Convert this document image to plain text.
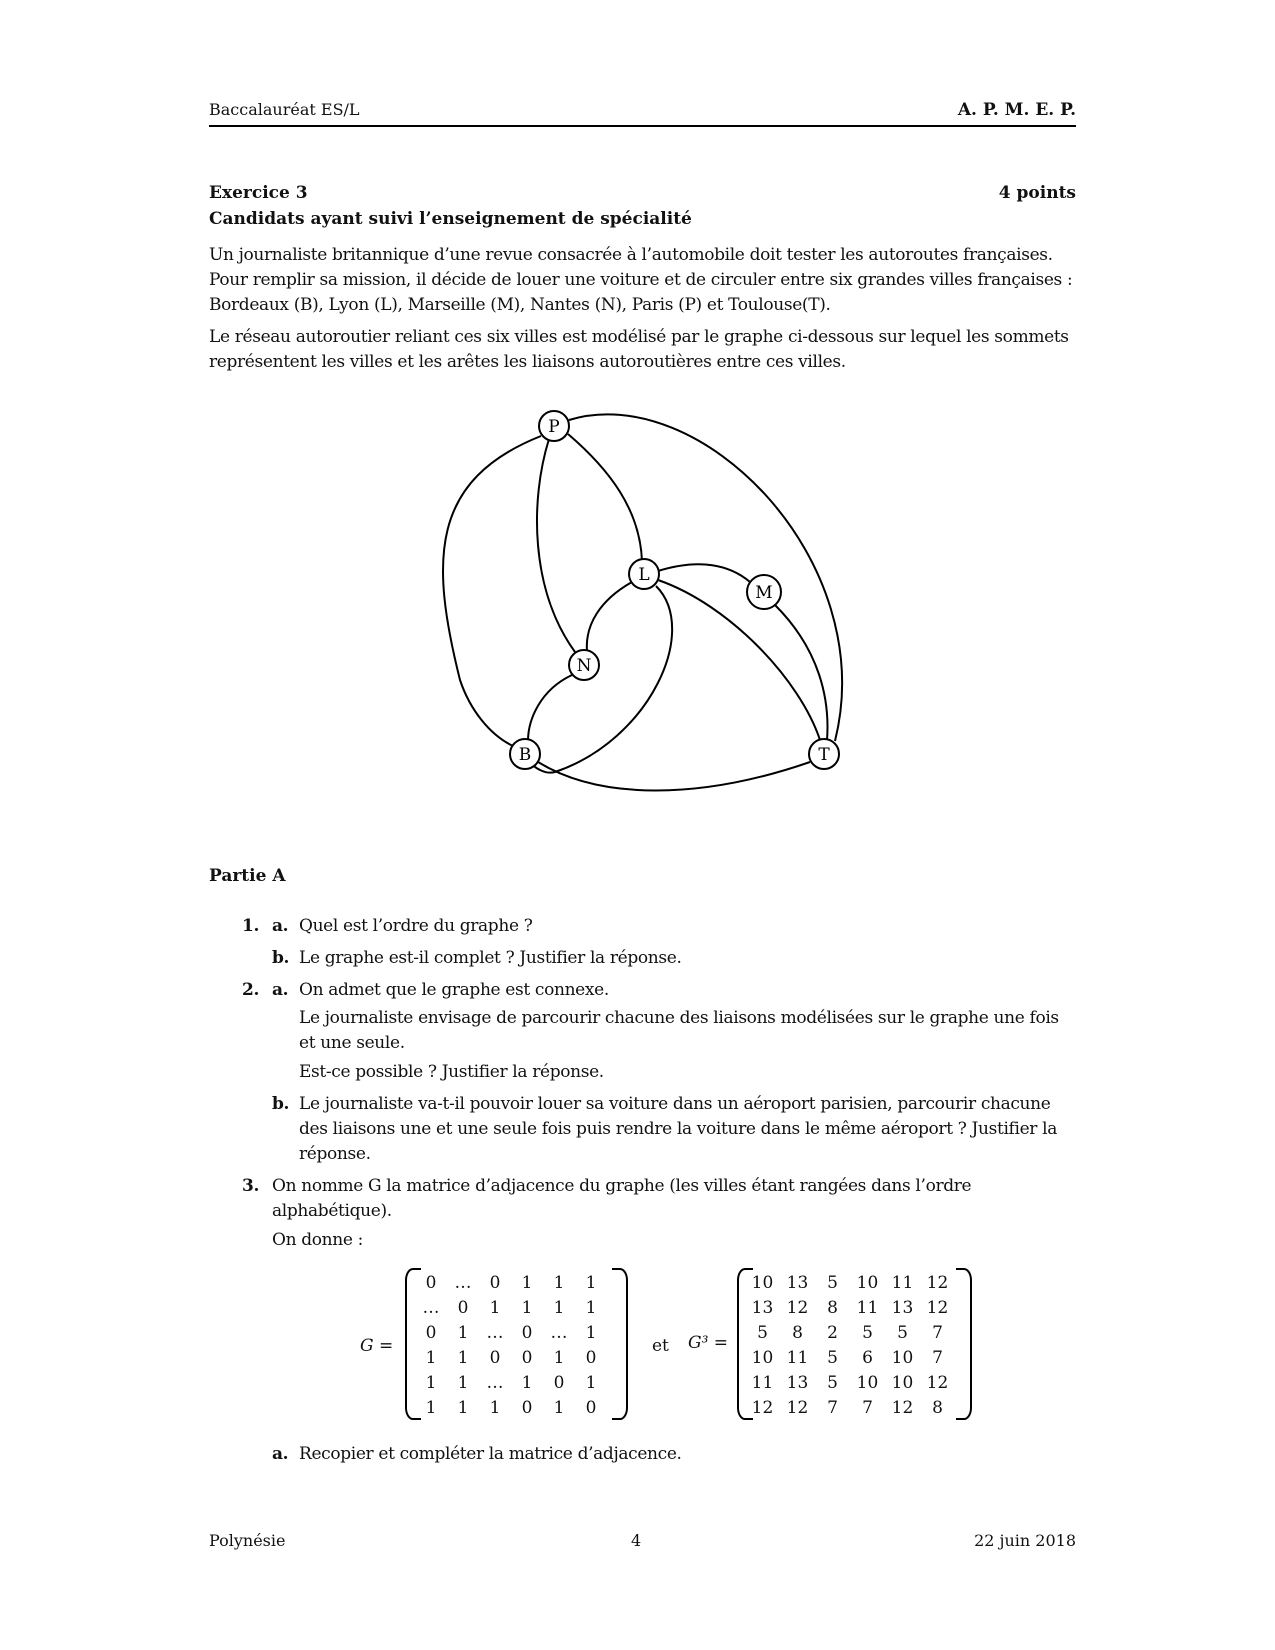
Baccalauréat ES/L	A. P. M. E. P.
Exercice 3	4 points
Candidats ayant suivi l’enseignement de spécialité
Un journaliste britannique d’une revue consacrée à l’automobile doit tester les autoroutes françaises. Pour remplir sa mission, il décide de louer une voiture et de circuler entre six grandes villes françaises : Bordeaux (B), Lyon (L), Marseille (M), Nantes (N), Paris (P) et Toulouse(T).
Le réseau autoroutier reliant ces six villes est modélisé par le graphe ci-dessous sur lequel les sommets représentent les villes et les arêtes les liaisons autoroutières entre ces villes.
P
L
M
N
B	T
Partie A
1. a. Quel est l’ordre du graphe ?
b. Le graphe est-il complet ? Justifier la réponse.
2. a. On admet que le graphe est connexe.
Le journaliste envisage de parcourir chacune des liaisons modélisées sur le graphe une fois et une seule.
Est-ce possible ? Justifier la réponse.
b. Le journaliste va-t-il pouvoir louer sa voiture dans un aéroport parisien, parcourir chacune des liaisons une et une seule fois puis rendre la voiture dans le même aéroport ? Justifier la réponse.
3. On nomme G la matrice d’adjacence du graphe (les villes étant rangées dans l’ordre alphabétique).
On donne :
G =
0	…	0	1	1	1
…	0	1	1	1	1
0	1	…	0	…	1
1	1	0	0	1	0
1	1	…	1	0	1
1	1	1	0	1	0
et G³ =
10	13	5	10	11	12
13	12	8	11	13	12
5	8	2	5	5	7
10	11	5	6	10	7
11	13	5	10	10	12
12	12	7	7	12	8
a. Recopier et compléter la matrice d’adjacence.
Polynésie	4	22 juin 2018
